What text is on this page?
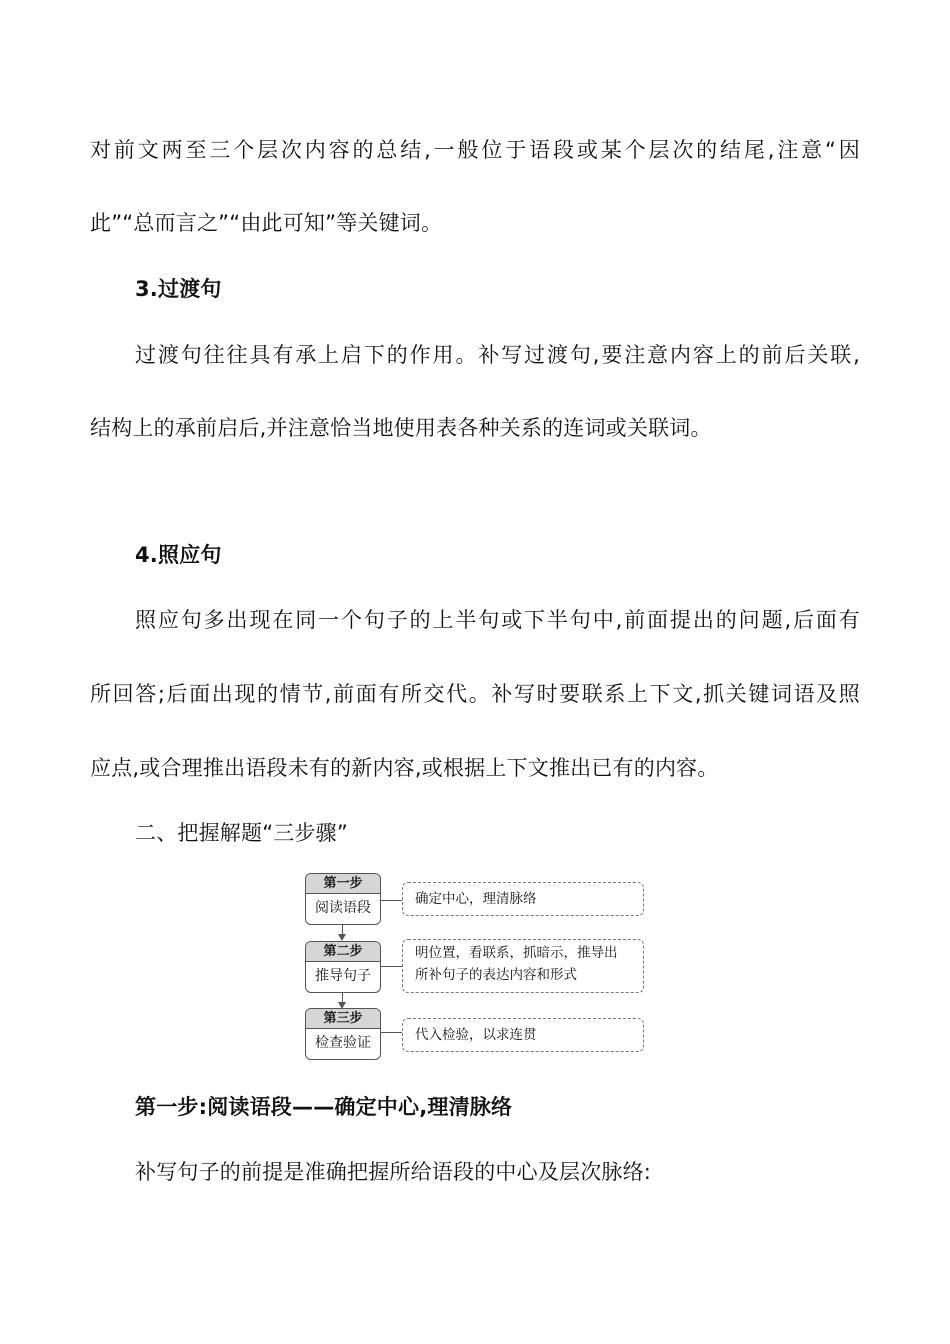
对前文两至三个层次内容的总结,一般位于语段或某个层次的结尾,注意“因
此”“总而言之”“由此可知”等关键词。
3.过渡句
过渡句往往具有承上启下的作用。补写过渡句,要注意内容上的前后关联,
结构上的承前启后,并注意恰当地使用表各种关系的连词或关联词。
4.照应句
照应句多出现在同一个句子的上半句或下半句中,前面提出的问题,后面有
所回答;后面出现的情节,前面有所交代。补写时要联系上下文,抓关键词语及照
应点,或合理推出语段未有的新内容,或根据上下文推出已有的内容。
二、把握解题“三步骤”
第一步
阅读语段
确定中心，理清脉络
第二步
推导句子
明位置，看联系，抓暗示，推导出
所补句子的表达内容和形式
第三步
检查验证	代入检验，以求连贯
第一步:阅读语段——确定中心,理清脉络
补写句子的前提是准确把握所给语段的中心及层次脉络:
